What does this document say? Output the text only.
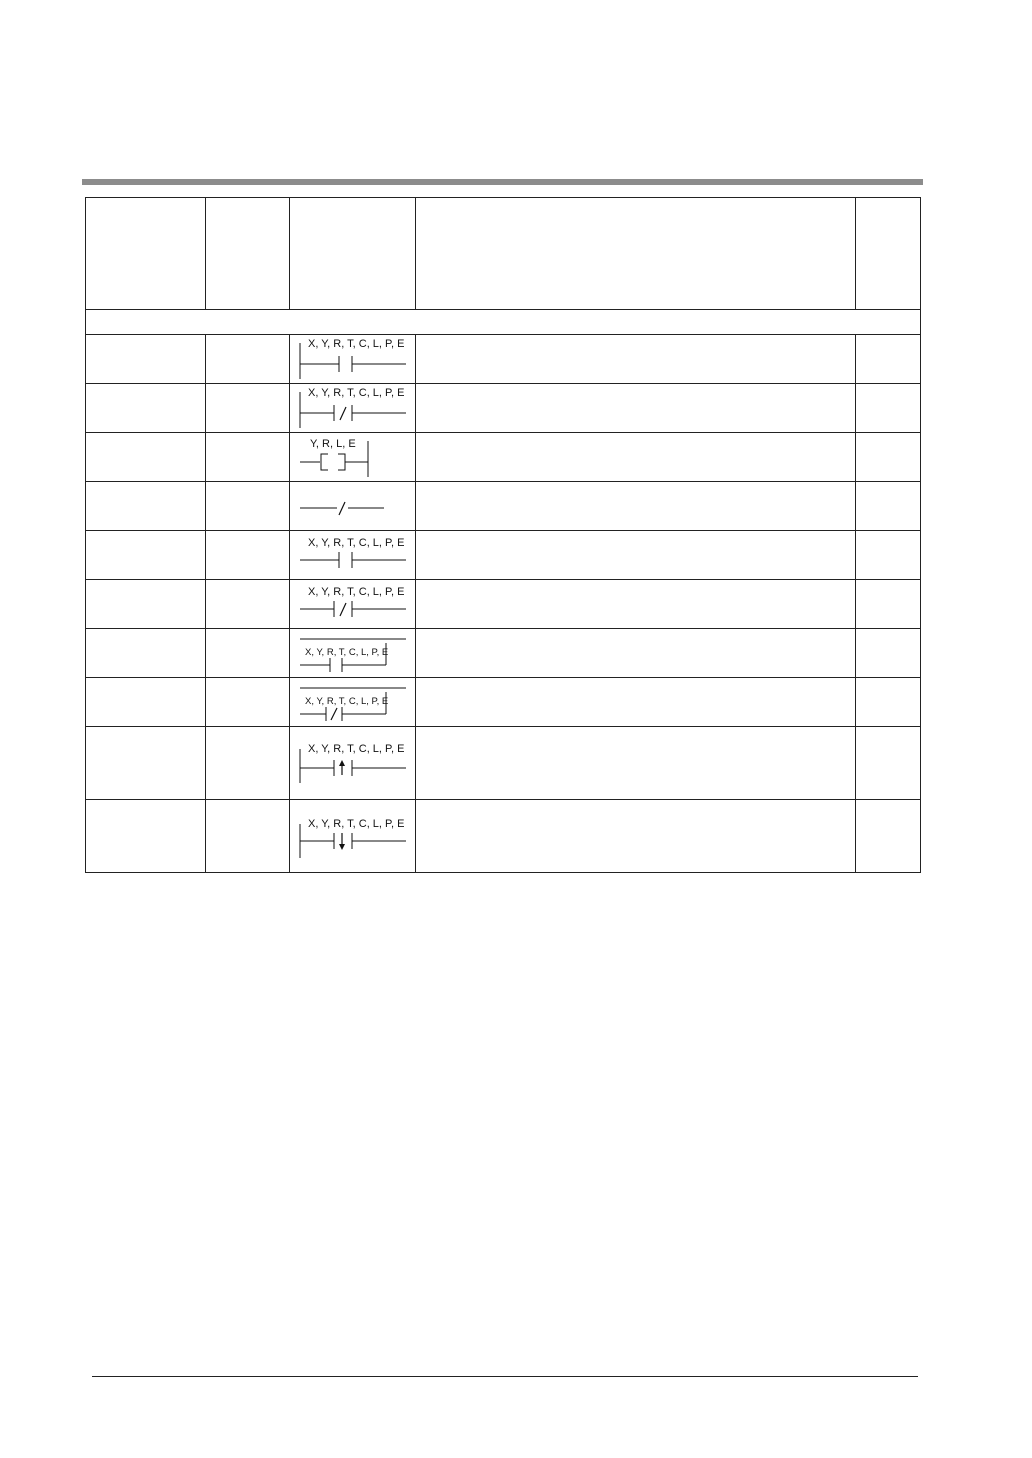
X, Y, R, T, C, L, P, E		

X, Y, R, T, C, L, P, E		

Y, R, L, E		

X, Y, R, T, C, L, P, E		

X, Y, R, T, C, L, P, E		

X, Y, R, T, C, L, P, E		

X, Y, R, T, C, L, P, E		

X, Y, R, T, C, L, P, E		

X, Y, R, T, C, L, P, E		
